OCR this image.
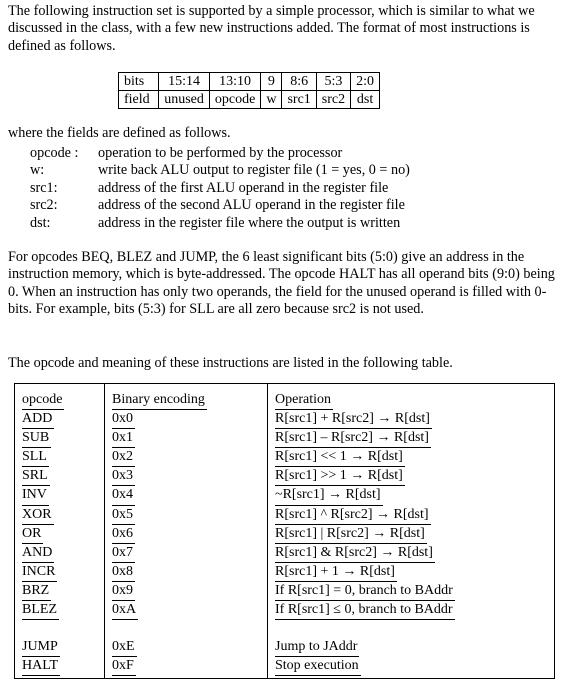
The following instruction set is supported by a simple processor, which is similar to what we discussed in the class, with a few new instructions added. The format of most instructions is defined as follows.

bits	15:14	13:10	9	8:6	5:3	2:0
field	unused	opcode	w	src1	src2	dst

where the fields are defined as follows.

opcode : operation to be performed by the processor
w:	write back ALU output to register file (1 = yes, 0 = no)
src1:	address of the first ALU operand in the register file
src2:	address of the second ALU operand in the register file
dst:	address in the register file where the output is written

For opcodes BEQ, BLEZ and JUMP, the 6 least significant bits (5:0) give an address in the instruction memory, which is byte-addressed. The opcode HALT has all operand bits (9:0) being 0. When an instruction has only two operands, the field for the unused operand is filled with 0-bits. For example, bits (5:3) for SLL are all zero because src2 is not used.

The opcode and meaning of these instructions are listed in the following table.

opcode	Binary encoding	Operation
ADD	0x0	R[src1] + R[src2] → R[dst]
SUB	0x1	R[src1] – R[src2] → R[dst]
SLL	0x2	R[src1] << 1 → R[dst]
SRL	0x3	R[src1] >> 1 → R[dst]
INV	0x4	~R[src1] → R[dst]
XOR	0x5	R[src1] ^ R[src2] → R[dst]
OR	0x6	R[src1] | R[src2] → R[dst]
AND	0x7	R[src1] & R[src2] → R[dst]
INCR	0x8	R[src1] + 1 → R[dst]
BRZ	0x9	If R[src1] = 0, branch to BAddr
BLEZ	0xA	If R[src1] ≤ 0, branch to BAddr

JUMP	0xE	Jump to JAddr
HALT	0xF	Stop execution
